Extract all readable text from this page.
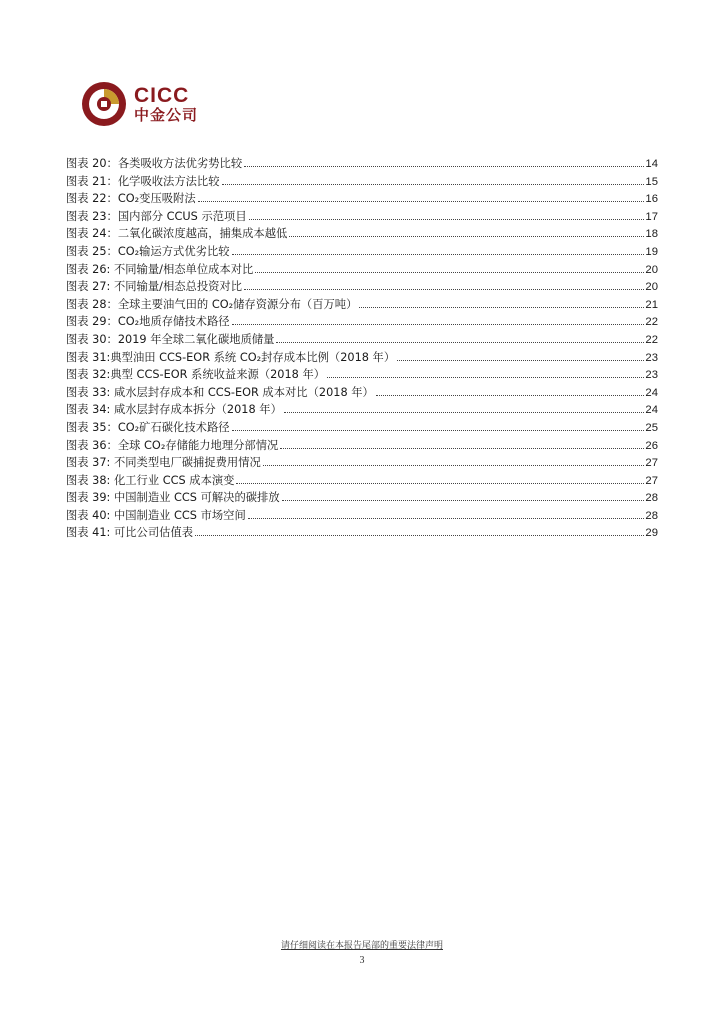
CICC
中金公司
图表 20：各类吸收方法优劣势比较	14
图表 21：化学吸收法方法比较	15
图表 22：CO₂变压吸附法	16
图表 23：国内部分 CCUS 示范项目	17
图表 24：二氧化碳浓度越高，捕集成本越低	18
图表 25：CO₂输运方式优劣比较	19
图表 26: 不同输量/相态单位成本对比	20
图表 27: 不同输量/相态总投资对比	20
图表 28：全球主要油气田的 CO₂储存资源分布（百万吨）	21
图表 29：CO₂地质存储技术路径	22
图表 30：2019 年全球二氧化碳地质储量	22
图表 31:典型油田 CCS-EOR 系统 CO₂封存成本比例（2018 年）	23
图表 32:典型 CCS-EOR 系统收益来源（2018 年）	23
图表 33: 咸水层封存成本和 CCS-EOR 成本对比（2018 年）	24
图表 34: 咸水层封存成本拆分（2018 年）	24
图表 35：CO₂矿石碳化技术路径	25
图表 36：全球 CO₂存储能力地理分部情况	26
图表 37: 不同类型电厂碳捕捉费用情况	27
图表 38: 化工行业 CCS 成本演变	27
图表 39: 中国制造业 CCS 可解决的碳排放	28
图表 40: 中国制造业 CCS 市场空间	28
图表 41: 可比公司估值表	29
请仔细阅读在本报告尾部的重要法律声明
3
